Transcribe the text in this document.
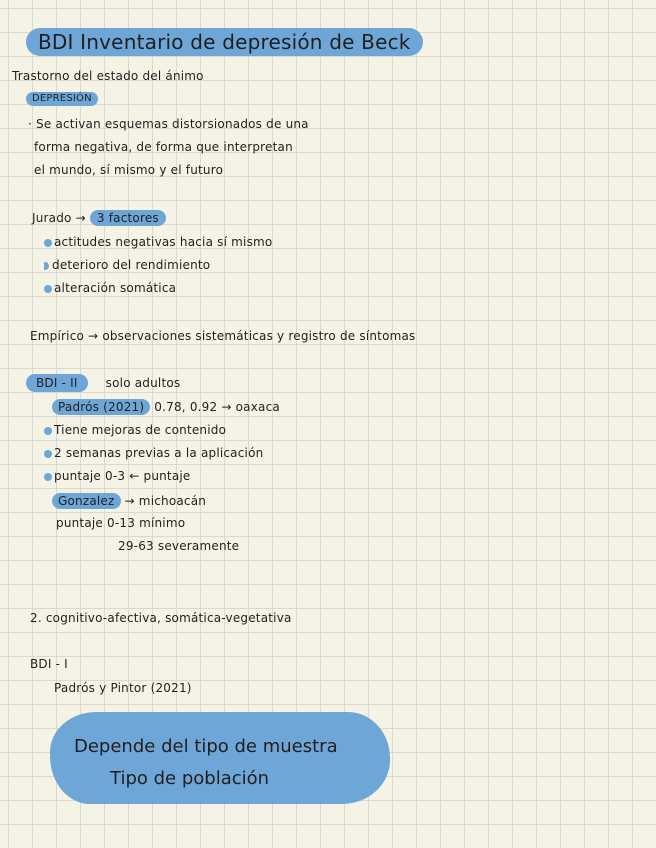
BDI Inventario de depresión de Beck
Trastorno del estado del ánimo
DEPRESIÓN
· Se activan esquemas distorsionados de una
forma negativa, de forma que interpretan
el mundo, sí mismo y el futuro
Jurado → 3 factores
actitudes negativas hacia sí mismo
deterioro del rendimiento
alteración somática
Empírico → observaciones sistemáticas y registro de síntomas
BDI - II solo adultos
Padrós (2021) 0.78, 0.92 → oaxaca
Tiene mejoras de contenido
2 semanas previas a la aplicación
puntaje 0-3 ← puntaje
Gonzalez → michoacán
puntaje 0-13 mínimo
29-63 severamente
2. cognitivo-afectiva, somática-vegetativa
BDI - I
Padrós y Pintor (2021)
Depende del tipo de muestra
Tipo de población
